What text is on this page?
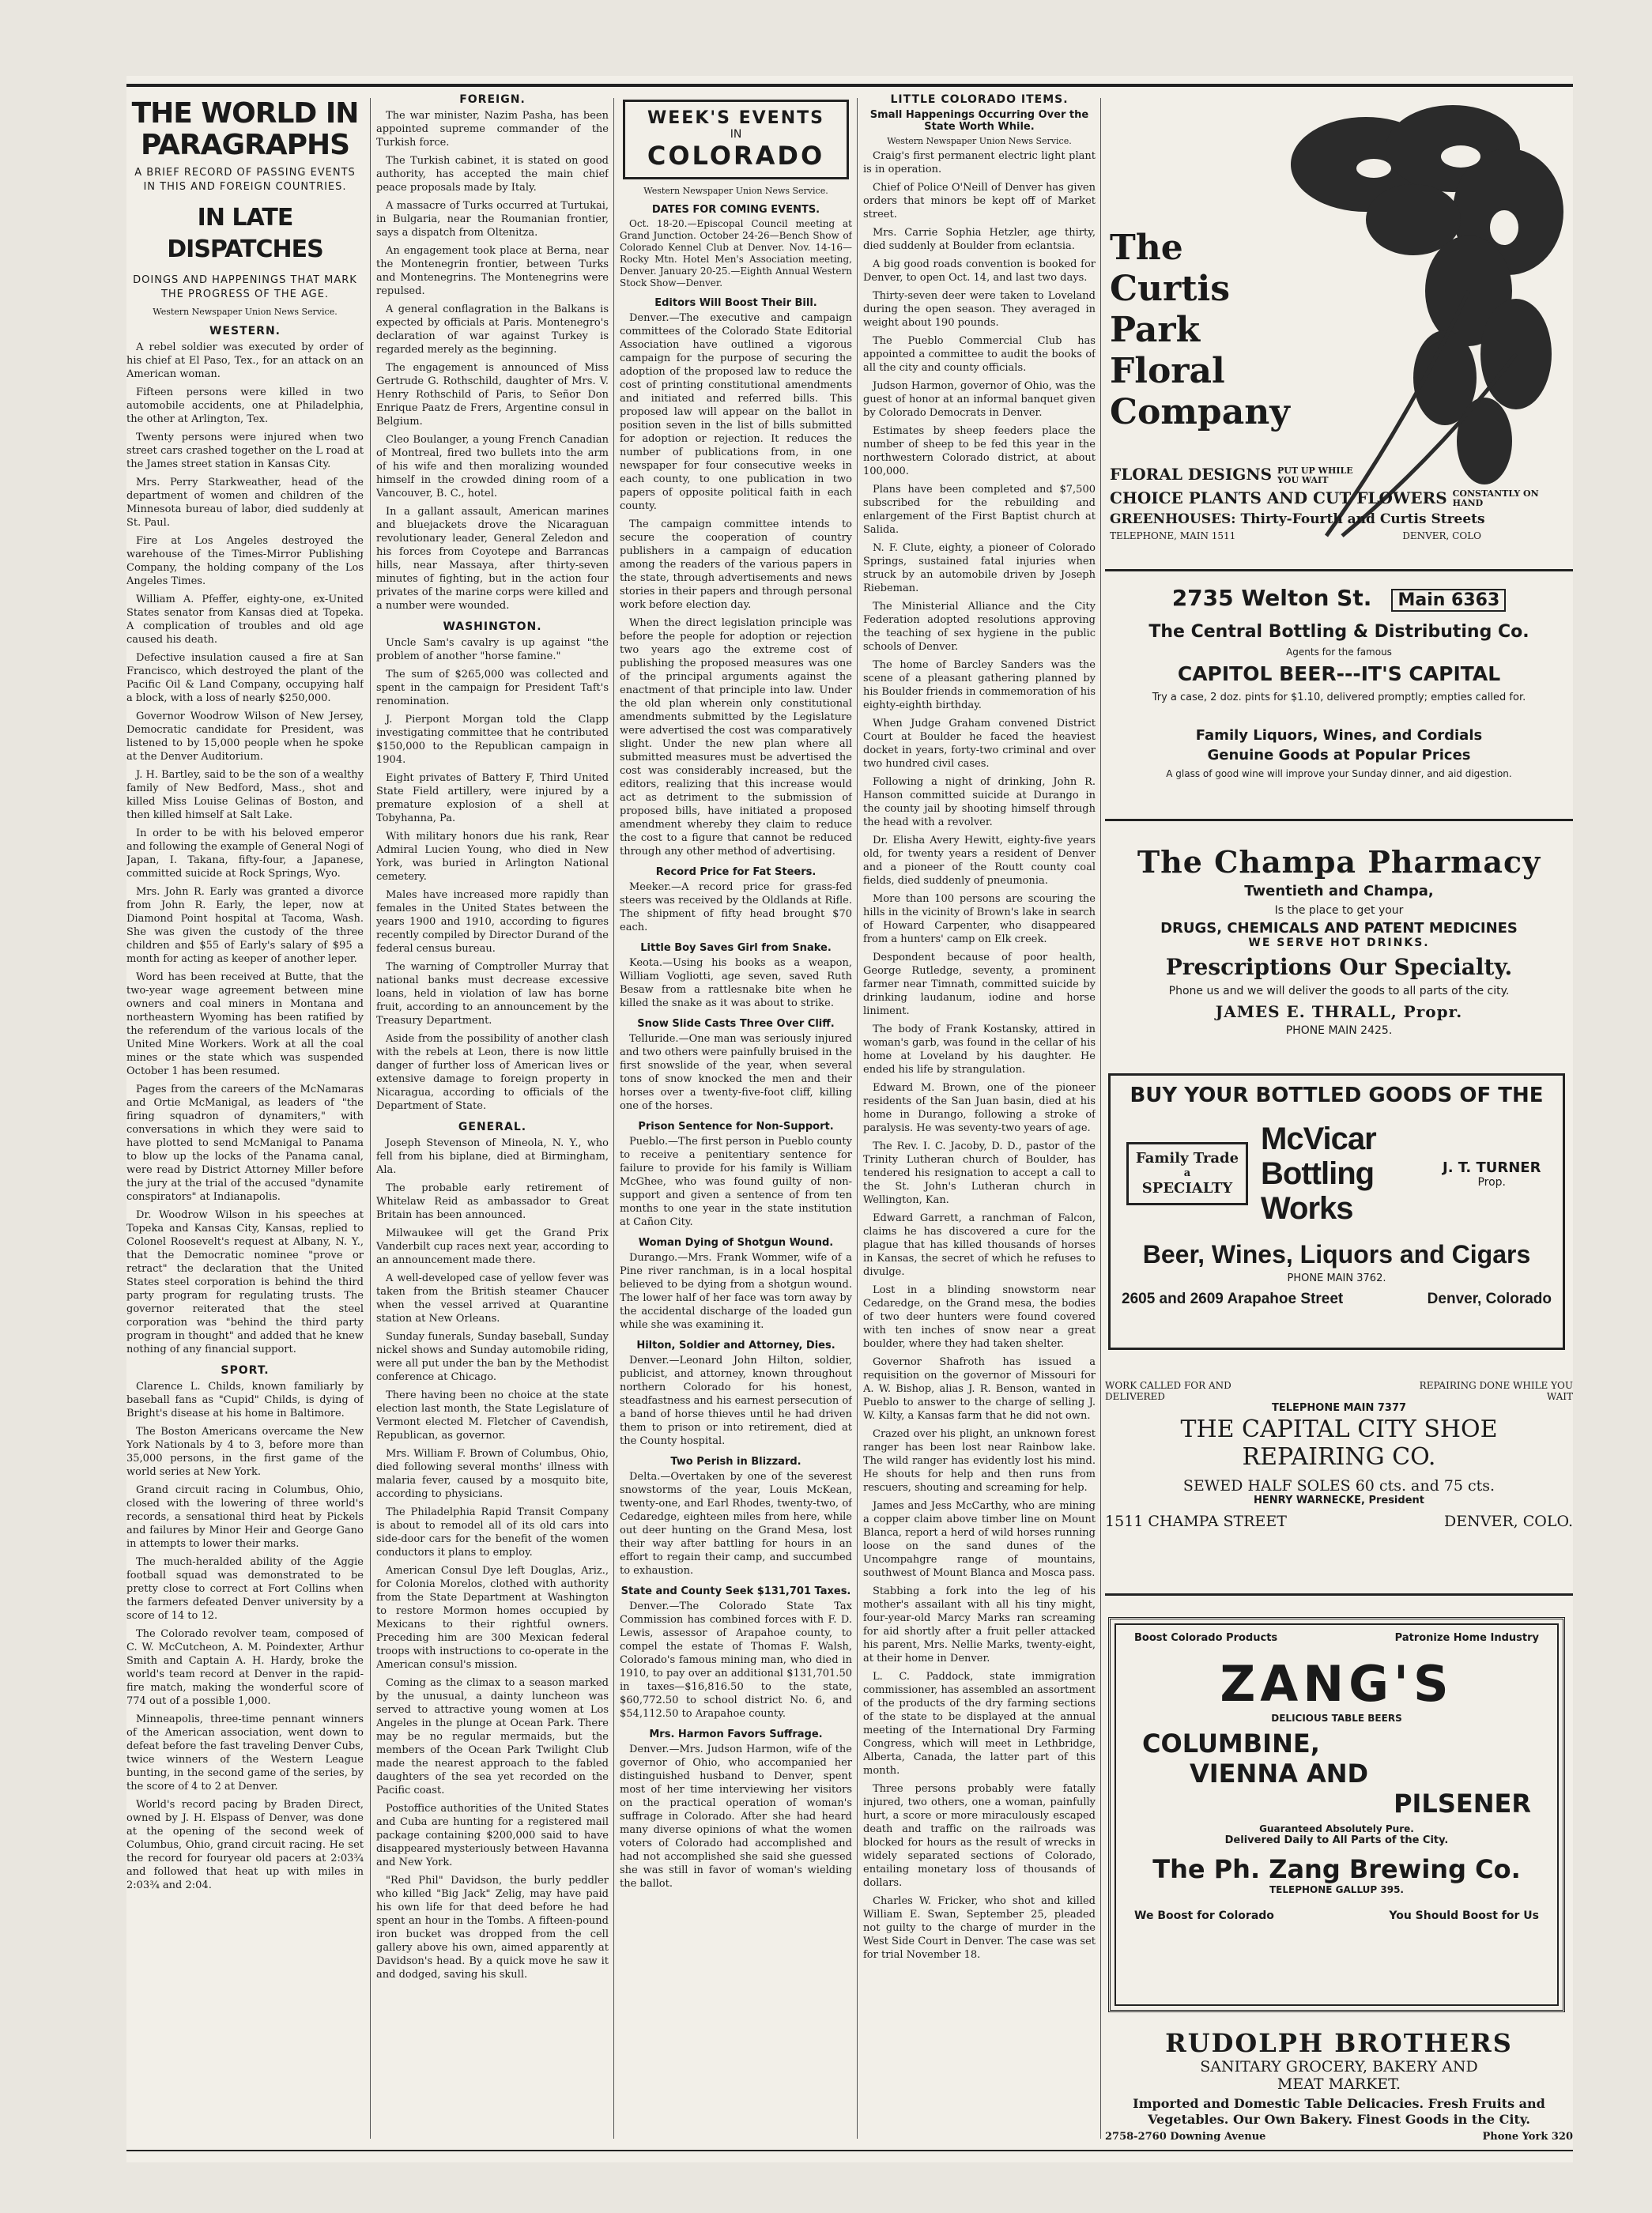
THE WORLD IN PARAGRAPHS
A BRIEF RECORD OF PASSING EVENTS IN THIS AND FOREIGN COUNTRIES.
IN LATE DISPATCHES
DOINGS AND HAPPENINGS THAT MARK THE PROGRESS OF THE AGE.
Western Newspaper Union News Service.
WESTERN.

A rebel soldier was executed by order of his chief at El Paso, Tex., for an attack on an American woman.

Fifteen persons were killed in two automobile accidents, one at Philadelphia, the other at Arlington, Tex.

Twenty persons were injured when two street cars crashed together on the L road at the James street station in Kansas City.

Mrs. Perry Starkweather, head of the department of women and children of the Minnesota bureau of labor, died suddenly at St. Paul.

Fire at Los Angeles destroyed the warehouse of the Times-Mirror Publishing Company, the holding company of the Los Angeles Times.

William A. Pfeffer, eighty-one, ex-United States senator from Kansas died at Topeka. A complication of troubles and old age caused his death.

Defective insulation caused a fire at San Francisco, which destroyed the plant of the Pacific Oil & Land Company, occupying half a block, with a loss of nearly $250,000.

Governor Woodrow Wilson of New Jersey, Democratic candidate for President, was listened to by 15,000 people when he spoke at the Denver Auditorium.

J. H. Bartley, said to be the son of a wealthy family of New Bedford, Mass., shot and killed Miss Louise Gelinas of Boston, and then killed himself at Salt Lake.

In order to be with his beloved emperor and following the example of General Nogi of Japan, I. Takana, fifty-four, a Japanese, committed suicide at Rock Springs, Wyo.

Mrs. John R. Early was granted a divorce from John R. Early, the leper, now at Diamond Point hospital at Tacoma, Wash. She was given the custody of the three children and $55 of Early's salary of $95 a month for acting as keeper of another leper.

Word has been received at Butte, that the two-year wage agreement between mine owners and coal miners in Montana and northeastern Wyoming has been ratified by the referendum of the various locals of the United Mine Workers. Work at all the coal mines or the state which was suspended October 1 has been resumed.

Pages from the careers of the McNamaras and Ortie McManigal, as leaders of "the firing squadron of dynamiters," with conversations in which they were said to have plotted to send McManigal to Panama to blow up the locks of the Panama canal, were read by District Attorney Miller before the jury at the trial of the accused "dynamite conspirators" at Indianapolis.

Dr. Woodrow Wilson in his speeches at Topeka and Kansas City, Kansas, replied to Colonel Roosevelt's request at Albany, N. Y., that the Democratic nominee "prove or retract" the declaration that the United States steel corporation is behind the third party program for regulating trusts. The governor reiterated that the steel corporation was "behind the third party program in thought" and added that he knew nothing of any financial support.

SPORT.

Clarence L. Childs, known familiarly by baseball fans as "Cupid" Childs, is dying of Bright's disease at his home in Baltimore.

The Boston Americans overcame the New York Nationals by 4 to 3, before more than 35,000 persons, in the first game of the world series at New York.

Grand circuit racing in Columbus, Ohio, closed with the lowering of three world's records, a sensational third heat by Pickels and failures by Minor Heir and George Gano in attempts to lower their marks.

The much-heralded ability of the Aggie football squad was demonstrated to be pretty close to correct at Fort Collins when the farmers defeated Denver university by a score of 14 to 12.

The Colorado revolver team, composed of C. W. McCutcheon, A. M. Poindexter, Arthur Smith and Captain A. H. Hardy, broke the world's team record at Denver in the rapid-fire match, making the wonderful score of 774 out of a possible 1,000.

Minneapolis, three-time pennant winners of the American association, went down to defeat before the fast traveling Denver Cubs, twice winners of the Western League bunting, in the second game of the series, by the score of 4 to 2 at Denver.

World's record pacing by Braden Direct, owned by J. H. Elspass of Denver, was done at the opening of the second week of Columbus, Ohio, grand circuit racing. He set the record for fouryear old pacers at 2:03¾ and followed that heat up with miles in 2:03¾ and 2:04.

FOREIGN.

The war minister, Nazim Pasha, has been appointed supreme commander of the Turkish force.

The Turkish cabinet, it is stated on good authority, has accepted the main chief peace proposals made by Italy.

A massacre of Turks occurred at Turtukai, in Bulgaria, near the Roumanian frontier, says a dispatch from Oltenitza.

An engagement took place at Berna, near the Montenegrin frontier, between Turks and Montenegrins. The Montenegrins were repulsed.

A general conflagration in the Balkans is expected by officials at Paris. Montenegro's declaration of war against Turkey is regarded merely as the beginning.

The engagement is announced of Miss Gertrude G. Rothschild, daughter of Mrs. V. Henry Rothschild of Paris, to Señor Don Enrique Paatz de Frers, Argentine consul in Belgium.

Cleo Boulanger, a young French Canadian of Montreal, fired two bullets into the arm of his wife and then moralizing wounded himself in the crowded dining room of a Vancouver, B. C., hotel.

In a gallant assault, American marines and bluejackets drove the Nicaraguan revolutionary leader, General Zeledon and his forces from Coyotepe and Barrancas hills, near Massaya, after thirty-seven minutes of fighting, but in the action four privates of the marine corps were killed and a number were wounded.

WASHINGTON.

Uncle Sam's cavalry is up against "the problem of another "horse famine."

The sum of $265,000 was collected and spent in the campaign for President Taft's renomination.

J. Pierpont Morgan told the Clapp investigating committee that he contributed $150,000 to the Republican campaign in 1904.

Eight privates of Battery F, Third United State Field artillery, were injured by a premature explosion of a shell at Tobyhanna, Pa.

With military honors due his rank, Rear Admiral Lucien Young, who died in New York, was buried in Arlington National cemetery.

Males have increased more rapidly than females in the United States between the years 1900 and 1910, according to figures recently compiled by Director Durand of the federal census bureau.

The warning of Comptroller Murray that national banks must decrease excessive loans, held in violation of law has borne fruit, according to an announcement by the Treasury Department.

Aside from the possibility of another clash with the rebels at Leon, there is now little danger of further loss of American lives or extensive damage to foreign property in Nicaragua, according to officials of the Department of State.

GENERAL.

Joseph Stevenson of Mineola, N. Y., who fell from his biplane, died at Birmingham, Ala.

The probable early retirement of Whitelaw Reid as ambassador to Great Britain has been announced.

Milwaukee will get the Grand Prix Vanderbilt cup races next year, according to an announcement made there.

A well-developed case of yellow fever was taken from the British steamer Chaucer when the vessel arrived at Quarantine station at New Orleans.

Sunday funerals, Sunday baseball, Sunday nickel shows and Sunday automobile riding, were all put under the ban by the Methodist conference at Chicago.

There having been no choice at the state election last month, the State Legislature of Vermont elected M. Fletcher of Cavendish, Republican, as governor.

Mrs. William F. Brown of Columbus, Ohio, died following several months' illness with malaria fever, caused by a mosquito bite, according to physicians.

The Philadelphia Rapid Transit Company is about to remodel all of its old cars into side-door cars for the benefit of the women conductors it plans to employ.

American Consul Dye left Douglas, Ariz., for Colonia Morelos, clothed with authority from the State Department at Washington to restore Mormon homes occupied by Mexicans to their rightful owners. Preceding him are 300 Mexican federal troops with instructions to co-operate in the American consul's mission.

Coming as the climax to a season marked by the unusual, a dainty luncheon was served to attractive young women at Los Angeles in the plunge at Ocean Park. There may be no regular mermaids, but the members of the Ocean Park Twilight Club made the nearest approach to the fabled daughters of the sea yet recorded on the Pacific coast.

Postoffice authorities of the United States and Cuba are hunting for a registered mail package containing $200,000 said to have disappeared mysteriously between Havanna and New York.

"Red Phil" Davidson, the burly peddler who killed "Big Jack" Zelig, may have paid his own life for that deed before he had spent an hour in the Tombs. A fifteen-pound iron bucket was dropped from the cell gallery above his own, aimed apparently at Davidson's head. By a quick move he saw it and dodged, saving his skull.

WEEK'S EVENTS
IN
COLORADO
Western Newspaper Union News Service.
DATES FOR COMING EVENTS.

Oct. 18-20.—Episcopal Council meeting at Grand Junction. October 24-26—Bench Show of Colorado Kennel Club at Denver. Nov. 14-16—Rocky Mtn. Hotel Men's Association meeting, Denver. January 20-25.—Eighth Annual Western Stock Show—Denver.

Editors Will Boost Their Bill.

Denver.—The executive and campaign committees of the Colorado State Editorial Association have outlined a vigorous campaign for the purpose of securing the adoption of the proposed law to reduce the cost of printing constitutional amendments and initiated and referred bills. This proposed law will appear on the ballot in position seven in the list of bills submitted for adoption or rejection. It reduces the number of publications from, in one newspaper for four consecutive weeks in each county, to one publication in two papers of opposite political faith in each county.

The campaign committee intends to secure the cooperation of country publishers in a campaign of education among the readers of the various papers in the state, through advertisements and news stories in their papers and through personal work before election day.

When the direct legislation principle was before the people for adoption or rejection two years ago the extreme cost of publishing the proposed measures was one of the principal arguments against the enactment of that principle into law. Under the old plan wherein only constitutional amendments submitted by the Legislature were advertised the cost was comparatively slight. Under the new plan where all submitted measures must be advertised the cost was considerably increased, but the editors, realizing that this increase would act as detriment to the submission of proposed bills, have initiated a proposed amendment whereby they claim to reduce the cost to a figure that cannot be reduced through any other method of advertising.

Record Price for Fat Steers.

Meeker.—A record price for grass-fed steers was received by the Oldlands at Rifle. The shipment of fifty head brought $70 each.

Little Boy Saves Girl from Snake.

Keota.—Using his books as a weapon, William Vogliotti, age seven, saved Ruth Besaw from a rattlesnake bite when he killed the snake as it was about to strike.

Snow Slide Casts Three Over Cliff.

Telluride.—One man was seriously injured and two others were painfully bruised in the first snowslide of the year, when several tons of snow knocked the men and their horses over a twenty-five-foot cliff, killing one of the horses.

Prison Sentence for Non-Support.

Pueblo.—The first person in Pueblo county to receive a penitentiary sentence for failure to provide for his family is William McGhee, who was found guilty of non-support and given a sentence of from ten months to one year in the state institution at Cañon City.

Woman Dying of Shotgun Wound.

Durango.—Mrs. Frank Wommer, wife of a Pine river ranchman, is in a local hospital believed to be dying from a shotgun wound. The lower half of her face was torn away by the accidental discharge of the loaded gun while she was examining it.

Hilton, Soldier and Attorney, Dies.

Denver.—Leonard John Hilton, soldier, publicist, and attorney, known throughout northern Colorado for his honest, steadfastness and his earnest persecution of a band of horse thieves until he had driven them to prison or into retirement, died at the County hospital.

Two Perish in Blizzard.

Delta.—Overtaken by one of the severest snowstorms of the year, Louis McKean, twenty-one, and Earl Rhodes, twenty-two, of Cedaredge, eighteen miles from here, while out deer hunting on the Grand Mesa, lost their way after battling for hours in an effort to regain their camp, and succumbed to exhaustion.

State and County Seek $131,701 Taxes.

Denver.—The Colorado State Tax Commission has combined forces with F. D. Lewis, assessor of Arapahoe county, to compel the estate of Thomas F. Walsh, Colorado's famous mining man, who died in 1910, to pay over an additional $131,701.50 in taxes—$16,816.50 to the state, $60,772.50 to school district No. 6, and $54,112.50 to Arapahoe county.

Mrs. Harmon Favors Suffrage.

Denver.—Mrs. Judson Harmon, wife of the governor of Ohio, who accompanied her distinguished husband to Denver, spent most of her time interviewing her visitors on the practical operation of woman's suffrage in Colorado. After she had heard many diverse opinions of what the women voters of Colorado had accomplished and had not accomplished she said she guessed she was still in favor of woman's wielding the ballot.

LITTLE COLORADO ITEMS.
Small Happenings Occurring Over the State Worth While.
Western Newspaper Union News Service.

Craig's first permanent electric light plant is in operation.

Chief of Police O'Neill of Denver has given orders that minors be kept off of Market street.

Mrs. Carrie Sophia Hetzler, age thirty, died suddenly at Boulder from eclantsia.

A big good roads convention is booked for Denver, to open Oct. 14, and last two days.

Thirty-seven deer were taken to Loveland during the open season. They averaged in weight about 190 pounds.

The Pueblo Commercial Club has appointed a committee to audit the books of all the city and county officials.

Judson Harmon, governor of Ohio, was the guest of honor at an informal banquet given by Colorado Democrats in Denver.

Estimates by sheep feeders place the number of sheep to be fed this year in the northwestern Colorado district, at about 100,000.

Plans have been completed and $7,500 subscribed for the rebuilding and enlargement of the First Baptist church at Salida.

N. F. Clute, eighty, a pioneer of Colorado Springs, sustained fatal injuries when struck by an automobile driven by Joseph Riebeman.

The Ministerial Alliance and the City Federation adopted resolutions approving the teaching of sex hygiene in the public schools of Denver.

The home of Barcley Sanders was the scene of a pleasant gathering planned by his Boulder friends in commemoration of his eighty-eighth birthday.

When Judge Graham convened District Court at Boulder he faced the heaviest docket in years, forty-two criminal and over two hundred civil cases.

Following a night of drinking, John R. Hanson committed suicide at Durango in the county jail by shooting himself through the head with a revolver.

Dr. Elisha Avery Hewitt, eighty-five years old, for twenty years a resident of Denver and a pioneer of the Routt county coal fields, died suddenly of pneumonia.

More than 100 persons are scouring the hills in the vicinity of Brown's lake in search of Howard Carpenter, who disappeared from a hunters' camp on Elk creek.

Despondent because of poor health, George Rutledge, seventy, a prominent farmer near Timnath, committed suicide by drinking laudanum, iodine and horse liniment.

The body of Frank Kostansky, attired in woman's garb, was found in the cellar of his home at Loveland by his daughter. He ended his life by strangulation.

Edward M. Brown, one of the pioneer residents of the San Juan basin, died at his home in Durango, following a stroke of paralysis. He was seventy-two years of age.

The Rev. I. C. Jacoby, D. D., pastor of the Trinity Lutheran church of Boulder, has tendered his resignation to accept a call to the St. John's Lutheran church in Wellington, Kan.

Edward Garrett, a ranchman of Falcon, claims he has discovered a cure for the plague that has killed thousands of horses in Kansas, the secret of which he refuses to divulge.

Lost in a blinding snowstorm near Cedaredge, on the Grand mesa, the bodies of two deer hunters were found covered with ten inches of snow near a great boulder, where they had taken shelter.

Governor Shafroth has issued a requisition on the governor of Missouri for A. W. Bishop, alias J. R. Benson, wanted in Pueblo to answer to the charge of selling J. W. Kilty, a Kansas farm that he did not own.

Crazed over his plight, an unknown forest ranger has been lost near Rainbow lake. The wild ranger has evidently lost his mind. He shouts for help and then runs from rescuers, shouting and screaming for help.

James and Jess McCarthy, who are mining a copper claim above timber line on Mount Blanca, report a herd of wild horses running loose on the sand dunes of the Uncompahgre range of mountains, southwest of Mount Blanca and Mosca pass.

Stabbing a fork into the leg of his mother's assailant with all his tiny might, four-year-old Marcy Marks ran screaming for aid shortly after a fruit peller attacked his parent, Mrs. Nellie Marks, twenty-eight, at their home in Denver.

L. C. Paddock, state immigration commissioner, has assembled an assortment of the products of the dry farming sections of the state to be displayed at the annual meeting of the International Dry Farming Congress, which will meet in Lethbridge, Alberta, Canada, the latter part of this month.

Three persons probably were fatally injured, two others, one a woman, painfully hurt, a score or more miraculously escaped death and traffic on the railroads was blocked for hours as the result of wrecks in widely separated sections of Colorado, entailing monetary loss of thousands of dollars.

Charles W. Fricker, who shot and killed William E. Swan, September 25, pleaded not guilty to the charge of murder in the West Side Court in Denver. The case was set for trial November 18.

The Curtis Park Floral Company
FLORAL DESIGNS PUT UP WHILE YOU WAIT
CHOICE PLANTS AND CUT FLOWERS CONSTANTLY ON HAND
GREENHOUSES: Thirty-Fourth and Curtis Streets
TELEPHONE, MAIN 1511	DENVER, COLO
2735 Welton St. Main 6363
The Central Bottling & Distributing Co.
Agents for the famous
CAPITOL BEER---IT'S CAPITAL
Try a case, 2 doz. pints for $1.10, delivered promptly; empties called for.
Family Liquors, Wines, and Cordials
Genuine Goods at Popular Prices
A glass of good wine will improve your Sunday dinner, and aid digestion.
The Champa Pharmacy
Twentieth and Champa,
Is the place to get your
DRUGS, CHEMICALS AND PATENT MEDICINES
WE SERVE HOT DRINKS.
Prescriptions Our Specialty.
Phone us and we will deliver the goods to all parts of the city.
JAMES E. THRALL, Propr.
PHONE MAIN 2425.
BUY YOUR BOTTLED GOODS OF THE
Family Trade
a
SPECIALTY
McVicar Bottling Works
J. T. TURNER
Prop.
Beer, Wines, Liquors and Cigars
PHONE MAIN 3762.
2605 and 2609 Arapahoe Street	Denver, Colorado
WORK CALLED FOR AND DELIVERED
REPAIRING DONE WHILE YOU WAIT
TELEPHONE MAIN 7377
THE CAPITAL CITY SHOE
REPAIRING CO.
SEWED HALF SOLES 60 cts. and 75 cts.
HENRY WARNECKE, President
1511 CHAMPA STREET	DENVER, COLO.
Boost Colorado Products	Patronize Home Industry
ZANG'S
DELICIOUS TABLE BEERS
COLUMBINE,
VIENNA AND
PILSENER
Guaranteed Absolutely Pure.
Delivered Daily to All Parts of the City.
The Ph. Zang Brewing Co.
TELEPHONE GALLUP 395.
We Boost for Colorado	You Should Boost for Us
RUDOLPH BROTHERS
SANITARY GROCERY, BAKERY AND
MEAT MARKET.
Imported and Domestic Table Delicacies. Fresh Fruits and Vegetables. Our Own Bakery. Finest Goods in the City.
2758-2760 Downing Avenue	Phone York 320
